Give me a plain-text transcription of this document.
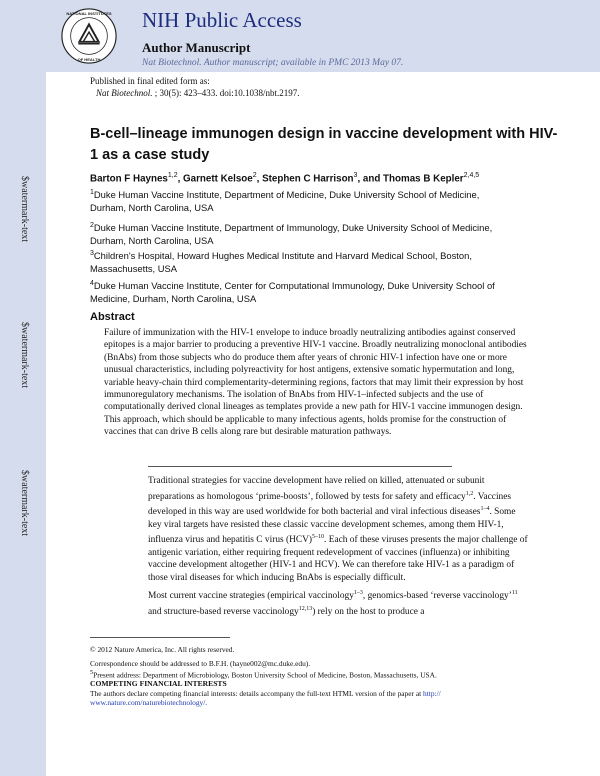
$watermark-text
$watermark-text
$watermark-text
NATIONAL INSTITUTES
OF HEALTH
NIH Public Access
Author Manuscript
Nat Biotechnol. Author manuscript; available in PMC 2013 May 07.
Published in final edited form as:
Nat Biotechnol. ; 30(5): 423–433. doi:10.1038/nbt.2197.
B-cell–lineage immunogen design in vaccine development with HIV-1 as a case study
Barton F Haynes$^{1,2}$, Garnett Kelsoe$^2$, Stephen C Harrison$^3$, and Thomas B Kepler$^{2,4,5}$
$^1$Duke Human Vaccine Institute, Department of Medicine, Duke University School of Medicine, Durham, North Carolina, USA
$^2$Duke Human Vaccine Institute, Department of Immunology, Duke University School of Medicine, Durham, North Carolina, USA
$^3$Children's Hospital, Howard Hughes Medical Institute and Harvard Medical School, Boston, Massachusetts, USA
$^4$Duke Human Vaccine Institute, Center for Computational Immunology, Duke University School of Medicine, Durham, North Carolina, USA
Abstract
Failure of immunization with the HIV-1 envelope to induce broadly neutralizing antibodies against conserved epitopes is a major barrier to producing a preventive HIV-1 vaccine. Broadly neutralizing monoclonal antibodies (BnAbs) from those subjects who do produce them after years of chronic HIV-1 infection have one or more unusual characteristics, including polyreactivity for host antigens, extensive somatic hypermutation and long, variable heavy-chain third complementarity-determining regions, factors that may limit their expression by host immunoregulatory mechanisms. The isolation of BnAbs from HIV-1–infected subjects and the use of computationally derived clonal lineages as templates provide a new path for HIV-1 vaccine immunogen design. This approach, which should be applicable to many infectious agents, holds promise for the construction of vaccines that can drive B cells along rare but desirable maturation pathways.
Traditional strategies for vaccine development have relied on killed, attenuated or subunit preparations as homologous ‘prime-boosts’, followed by tests for safety and efficacy$^{1,2}$. Vaccines developed in this way are used worldwide for both bacterial and viral infectious diseases$^{1-4}$. Some key viral targets have resisted these classic vaccine development schemes, among them HIV-1, influenza virus and hepatitis C virus (HCV)$^{5-10}$. Each of these viruses presents the major challenge of antigenic variation, either requiring frequent redevelopment of vaccines (influenza) or inhibiting vaccine development altogether (HIV-1 and HCV). We can therefore take HIV-1 as a paradigm of those viral diseases for which inducing BnAbs is especially difficult.
Most current vaccine strategies (empirical vaccinology$^{1-3}$, genomics-based ‘reverse vaccinology’$^{11}$ and structure-based reverse vaccinology$^{12,13}$) rely on the host to produce a
© 2012 Nature America, Inc. All rights reserved.
Correspondence should be addressed to B.F.H. (hayne002@mc.duke.edu).
$^5$Present address: Department of Microbiology, Boston University School of Medicine, Boston, Massachusetts, USA.
COMPETING FINANCIAL INTERESTS
The authors declare competing financial interests: details accompany the full-text HTML version of the paper at http://
www.nature.com/naturebiotechnology/.
